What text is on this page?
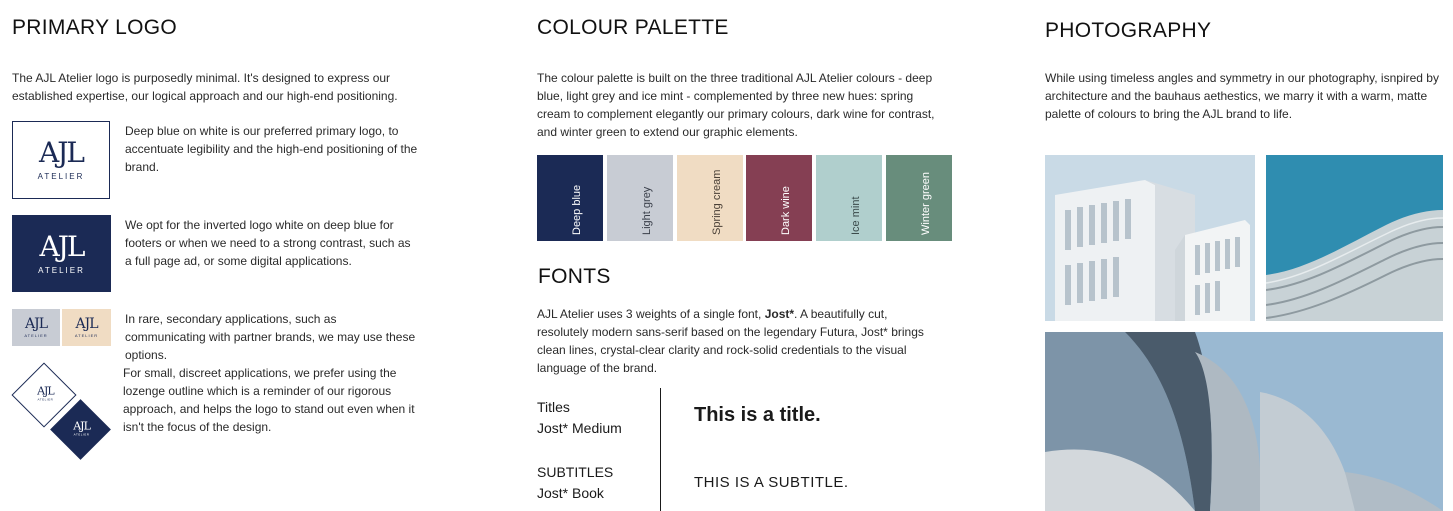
PRIMARY LOGO
The AJL Atelier logo is purposedly minimal. It's designed to express our established expertise, our logical approach and our high-end positioning.
AJL
ATELIER
Deep blue on white is our preferred primary logo, to accentuate legibility and the high-end positioning of the brand.
AJL
ATELIER
We opt for the inverted logo white on deep blue for footers or when we need to a strong contrast, such as a full page ad, or some digital applications.
AJL
ATELIER
AJL
ATELIER
In rare, secondary applications, such as communicating with partner brands, we may use these options.
AJL
ATELIER
AJL
ATELIER
For small, discreet applications, we prefer using the lozenge outline which is a reminder of our rigorous approach, and helps the logo to stand out even when it isn't the focus of the design.
COLOUR PALETTE
The colour palette is built on the three traditional AJL Atelier colours - deep blue, light grey and ice mint - complemented by three new hues: spring cream to complement elegantly our primary colours, dark wine for contrast, and winter green to extend our graphic elements.
Deep blue	Light grey	Spring cream	Dark wine	Ice mint	Winter green
FONTS
AJL Atelier uses 3 weights of a single font, Jost*. A beautifully cut, resolutely modern sans-serif based on the legendary Futura, Jost* brings clean lines, crystal-clear clarity and rock-solid credentials to the visual language of the brand.
Titles
Jost* Medium
This is a title.
SUBTITLES
Jost* Book
THIS IS A SUBTITLE.
PHOTOGRAPHY
While using timeless angles and symmetry in our photography, isnpired by architecture and the bauhaus aethestics, we marry it with a warm, matte palette of colours to bring the AJL brand to life.
